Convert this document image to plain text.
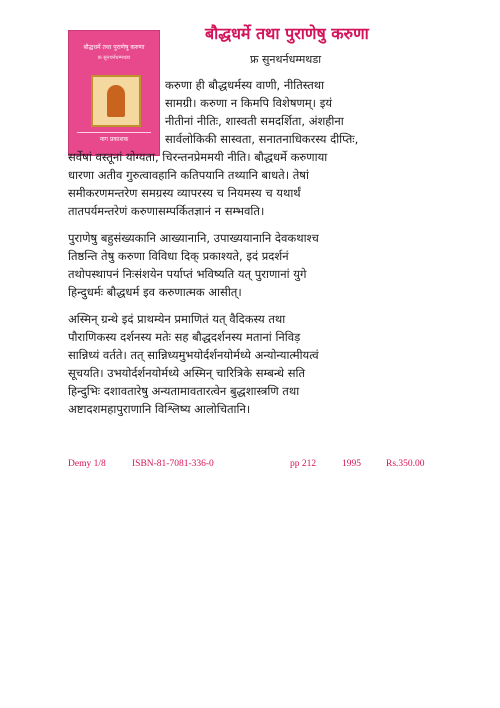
बौद्धधर्मे तथा पुराणेषु करुणा
फ्र सुनथर्नधम्मथडा
नाग प्रकाशक
बौद्धधर्मे तथा पुराणेषु करुणा
फ्र सुनथर्नधम्मथडा
करुणा ही बौद्धधर्मस्य वाणी, नीतिस्तथा
सामग्री। करुणा न किमपि विशेषणम्। इयं
नीतीनां नीतिः, शास्वती समदर्शिता, अंशहीना
सार्वलोकिकी सास्वता, सनातनाधिकरस्य दीप्तिः,
सर्वेषां वस्तूनां योग्यता, चिरन्तनप्रेममयी नीति। बौद्धधर्मे करुणाया
धारणा अतीव गुरुत्वावहानि कतिपयानि तथ्यानि बाधते। तेषां
समीकरणमन्तरेण समग्रस्य व्यापरस्य च नियमस्य च यथार्थं
तातपर्यमन्तरेणं करुणासम्पर्कितज्ञानं न सम्भवति।
पुराणेषु बहुसंख्यकानि आख्यानानि, उपाख्ययानानि देवकथाश्च
तिष्ठन्ति तेषु करुणा विविधा दिक् प्रकाश्यते, इदं प्रदर्शनं
तथोपस्थापनं निःसंशयेन पर्याप्तं भविष्यति यत् पुराणानां युगे
हिन्दुधर्मः बौद्धधर्म इव करुणात्मक आसीत्।
अस्मिन् ग्रन्थे इदं प्राथम्येन प्रमाणितं यत् वैदिकस्य तथा
पौराणिकस्य दर्शनस्य मतेः सह बौद्धदर्शनस्य मतानां निविड़
सान्निध्यं वर्तते। तत् सान्निध्यमुभयोर्दर्शनयोर्मध्ये अन्योन्यात्मीयत्वं
सूचयति। उभयोर्दर्शनयोर्मध्ये अस्मिन् चारित्रिके सम्बन्धे सति
हिन्दुभिः दशावतारेषु अन्यतामावतारत्वेन बुद्धशास्त्रणि तथा
अष्टादशमहापुराणानि विश्लिष्य आलोचितानि।
Demy 1/8	ISBN-81-7081-336-0	pp 212	1995	Rs.350.00
